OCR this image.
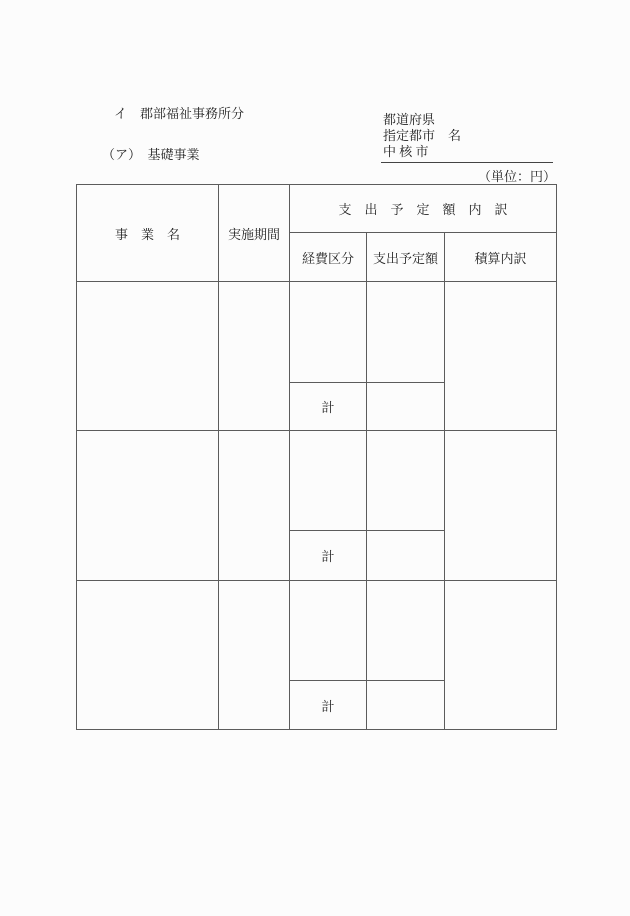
イ　郡部福祉事務所分
（ア）　基礎事業
都道府県
指定都市　名
中 核 市
（単位：円）
事　業　名	実施期間	支　出　予　定　額　内　訳		
		経費区分	支出予定額	積算内訳

		計		

		計		

		計		
